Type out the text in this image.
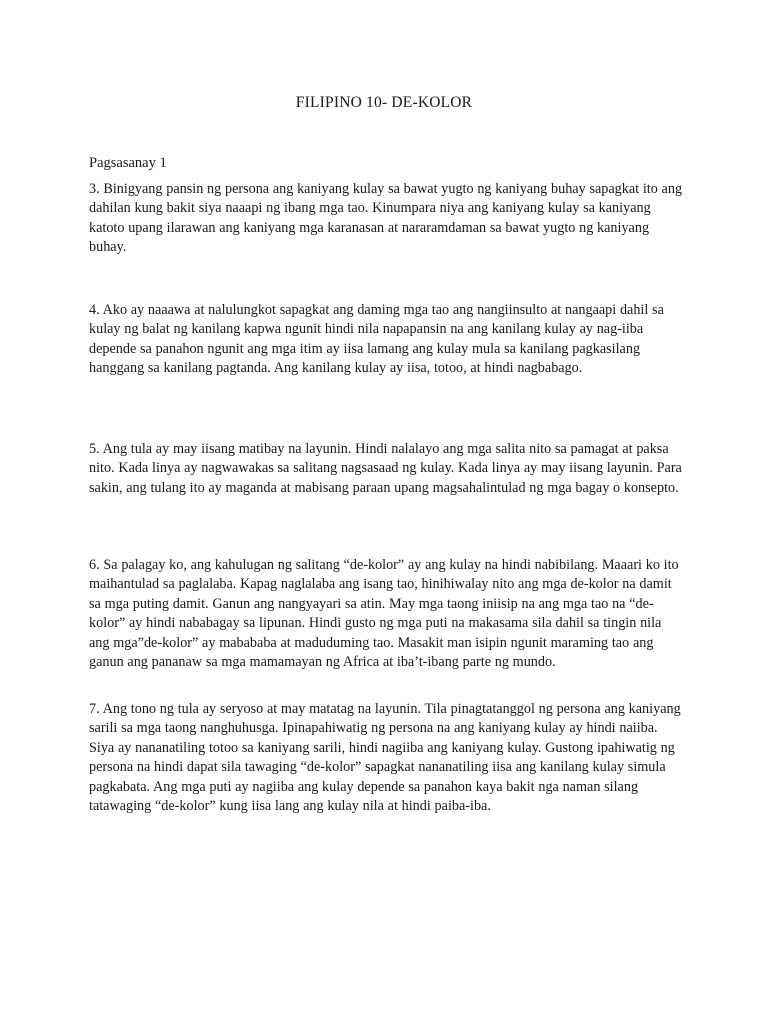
FILIPINO 10- DE-KOLOR

Pagsasanay 1

3. Binigyang pansin ng persona ang kaniyang kulay sa bawat yugto ng kaniyang buhay sapagkat ito ang dahilan kung bakit siya naaapi ng ibang mga tao. Kinumpara niya ang kaniyang kulay sa kaniyang katoto upang ilarawan ang kaniyang mga karanasan at nararamdaman sa bawat yugto ng kaniyang buhay.

4. Ako ay naaawa at nalulungkot sapagkat ang daming mga tao ang nangiinsulto at nangaapi dahil sa kulay ng balat ng kanilang kapwa ngunit hindi nila napapansin na ang kanilang kulay ay nag-iiba depende sa panahon ngunit ang mga itim ay iisa lamang ang kulay mula sa kanilang pagkasilang hanggang sa kanilang pagtanda. Ang kanilang kulay ay iisa, totoo, at hindi nagbabago.

5. Ang tula ay may iisang matibay na layunin. Hindi nalalayo ang mga salita nito sa pamagat at paksa nito. Kada linya ay nagwawakas sa salitang nagsasaad ng kulay. Kada linya ay may iisang layunin. Para sakin, ang tulang ito ay maganda at mabisang paraan upang magsahalintulad ng mga bagay o konsepto.

6. Sa palagay ko, ang kahulugan ng salitang “de-kolor” ay ang kulay na hindi nabibilang. Maaari ko ito maihantulad sa paglalaba. Kapag naglalaba ang isang tao, hinihiwalay nito ang mga de-kolor na damit sa mga puting damit. Ganun ang nangyayari sa atin. May mga taong iniisip na ang mga tao na “de-kolor” ay hindi nababagay sa lipunan. Hindi gusto ng mga puti na makasama sila dahil sa tingin nila ang mga”de-kolor” ay mabababa at maduduming tao. Masakit man isipin ngunit maraming tao ang ganun ang pananaw sa mga mamamayan ng Africa at iba’t-ibang parte ng mundo.

7. Ang tono ng tula ay seryoso at may matatag na layunin. Tila pinagtatanggol ng persona ang kaniyang sarili sa mga taong nanghuhusga. Ipinapahiwatig ng persona na ang kaniyang kulay ay hindi naiiba. Siya ay nananatiling totoo sa kaniyang sarili, hindi nagiiba ang kaniyang kulay. Gustong ipahiwatig ng persona na hindi dapat sila tawaging “de-kolor” sapagkat nananatiling iisa ang kanilang kulay simula pagkabata. Ang mga puti ay nagiiba ang kulay depende sa panahon kaya bakit nga naman silang tatawaging “de-kolor” kung iisa lang ang kulay nila at hindi paiba-iba.
